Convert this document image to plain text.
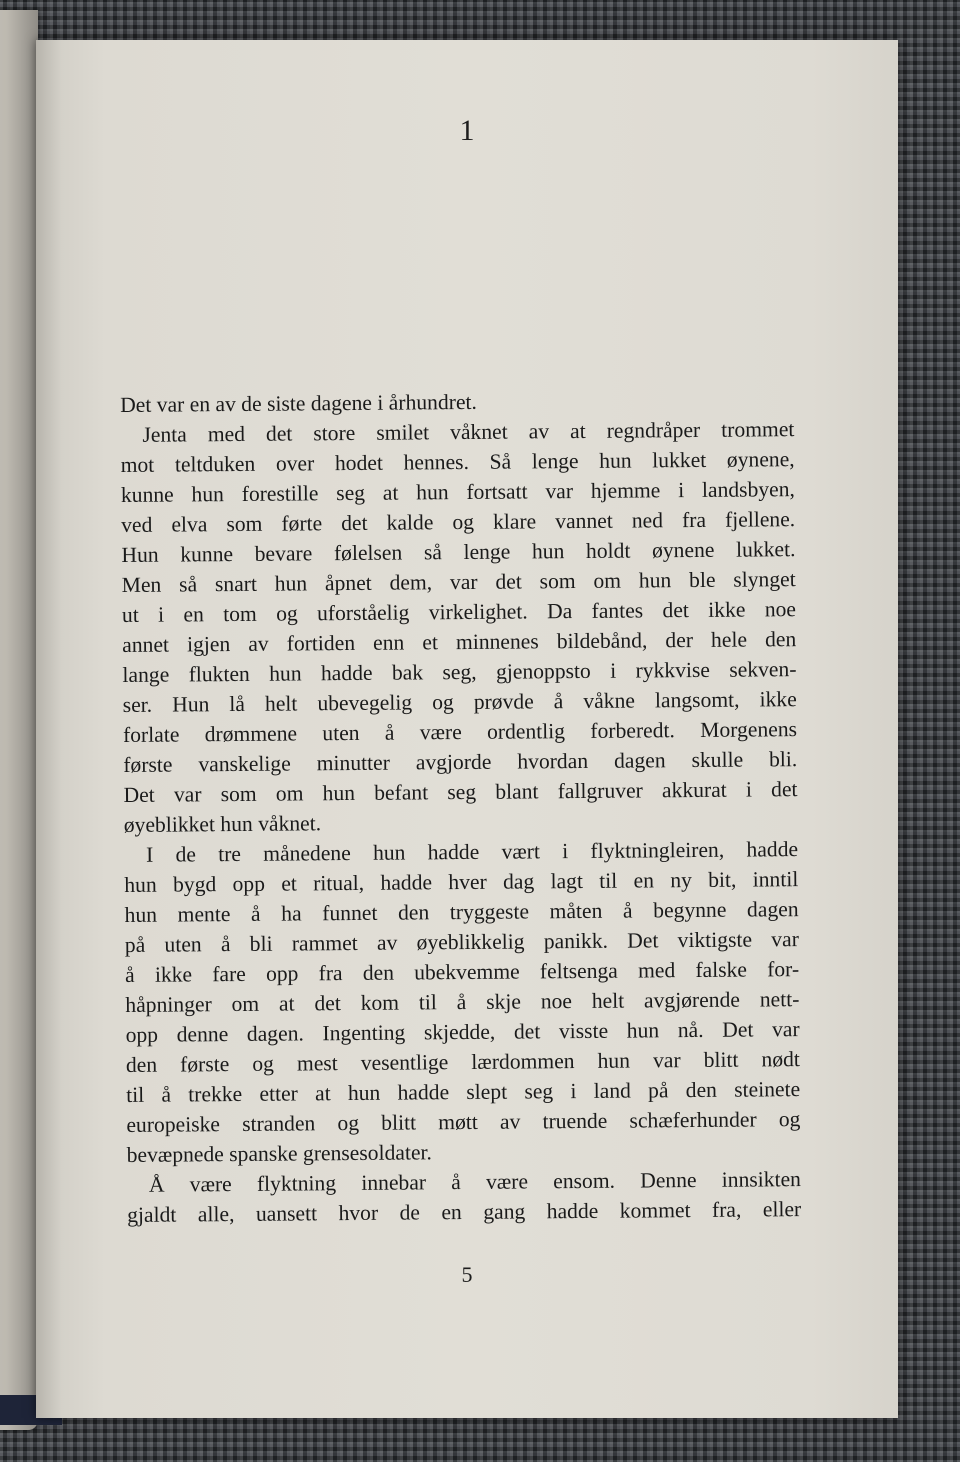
1
Det var en av de siste dagene i århundret.
Jenta med det store smilet våknet av at regndråper trommet
mot teltduken over hodet hennes. Så lenge hun lukket øynene,
kunne hun forestille seg at hun fortsatt var hjemme i landsbyen,
ved elva som førte det kalde og klare vannet ned fra fjellene.
Hun kunne bevare følelsen så lenge hun holdt øynene lukket.
Men så snart hun åpnet dem, var det som om hun ble slynget
ut i en tom og uforståelig virkelighet. Da fantes det ikke noe
annet igjen av fortiden enn et minnenes bildebånd, der hele den
lange flukten hun hadde bak seg, gjenoppsto i rykkvise sekven-
ser. Hun lå helt ubevegelig og prøvde å våkne langsomt, ikke
forlate drømmene uten å være ordentlig forberedt. Morgenens
første vanskelige minutter avgjorde hvordan dagen skulle bli.
Det var som om hun befant seg blant fallgruver akkurat i det
øyeblikket hun våknet.
I de tre månedene hun hadde vært i flyktningleiren, hadde
hun bygd opp et ritual, hadde hver dag lagt til en ny bit, inntil
hun mente å ha funnet den tryggeste måten å begynne dagen
på uten å bli rammet av øyeblikkelig panikk. Det viktigste var
å ikke fare opp fra den ubekvemme feltsenga med falske for-
håpninger om at det kom til å skje noe helt avgjørende nett-
opp denne dagen. Ingenting skjedde, det visste hun nå. Det var
den første og mest vesentlige lærdommen hun var blitt nødt
til å trekke etter at hun hadde slept seg i land på den steinete
europeiske stranden og blitt møtt av truende schæferhunder og
bevæpnede spanske grensesoldater.
Å være flyktning innebar å være ensom. Denne innsikten
gjaldt alle, uansett hvor de en gang hadde kommet fra, eller
5
